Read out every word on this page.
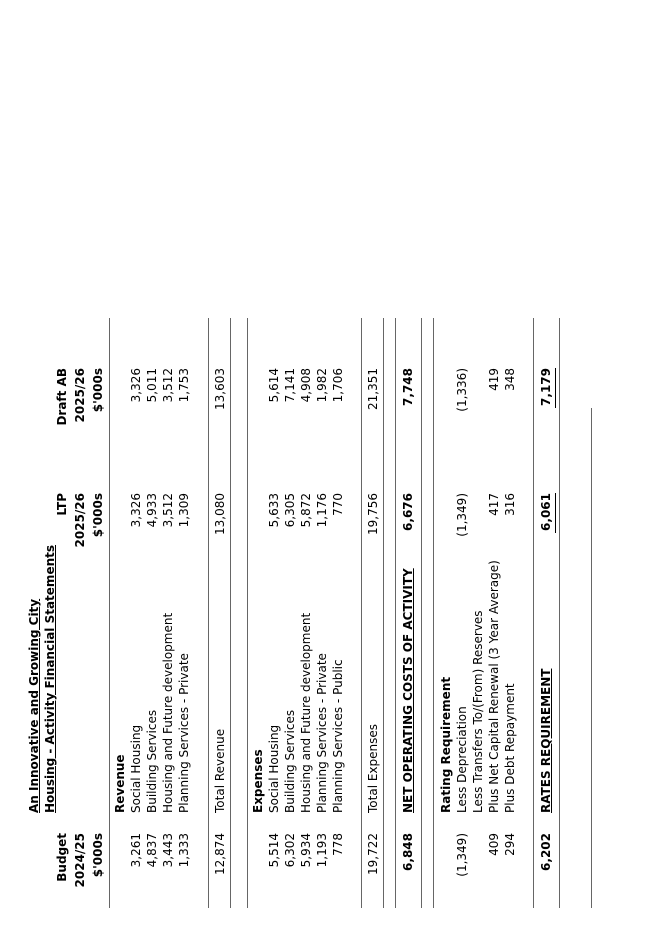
An Innovative and Growing City Housing - Activity Financial Statements
Budget 2024/25 $'000s
LTP 2025/26 $'000s
Draft AB 2025/26 $'000s
Revenue
3,261
Social Housing
3,326
3,326
4,837
Building Services
4,933
5,011
3,443
Housing and Future development
3,512
3,512
1,333
Planning Services - Private
1,309
1,753
12,874
Total Revenue
13,080
13,603
Expenses
5,514
Social Housing
5,633
5,614
6,302
Building Services
6,305
7,141
5,934
Housing and Future development
5,872
4,908
1,193
Planning Services - Private
1,176
1,982
778
Planning Services - Public
770
1,706
19,722
Total Expenses
19,756
21,351
6,848
NET OPERATING COSTS OF ACTIVITY
6,676
7,748
Rating Requirement
(1,349)
Less Depreciation
(1,349)
(1,336)
Less Transfers To/(From) Reserves
409
Plus Net Capital Renewal (3 Year Average)
417
419
294
Plus Debt Repayment
316
348
6,202
RATES REQUIREMENT
6,061
7,179
